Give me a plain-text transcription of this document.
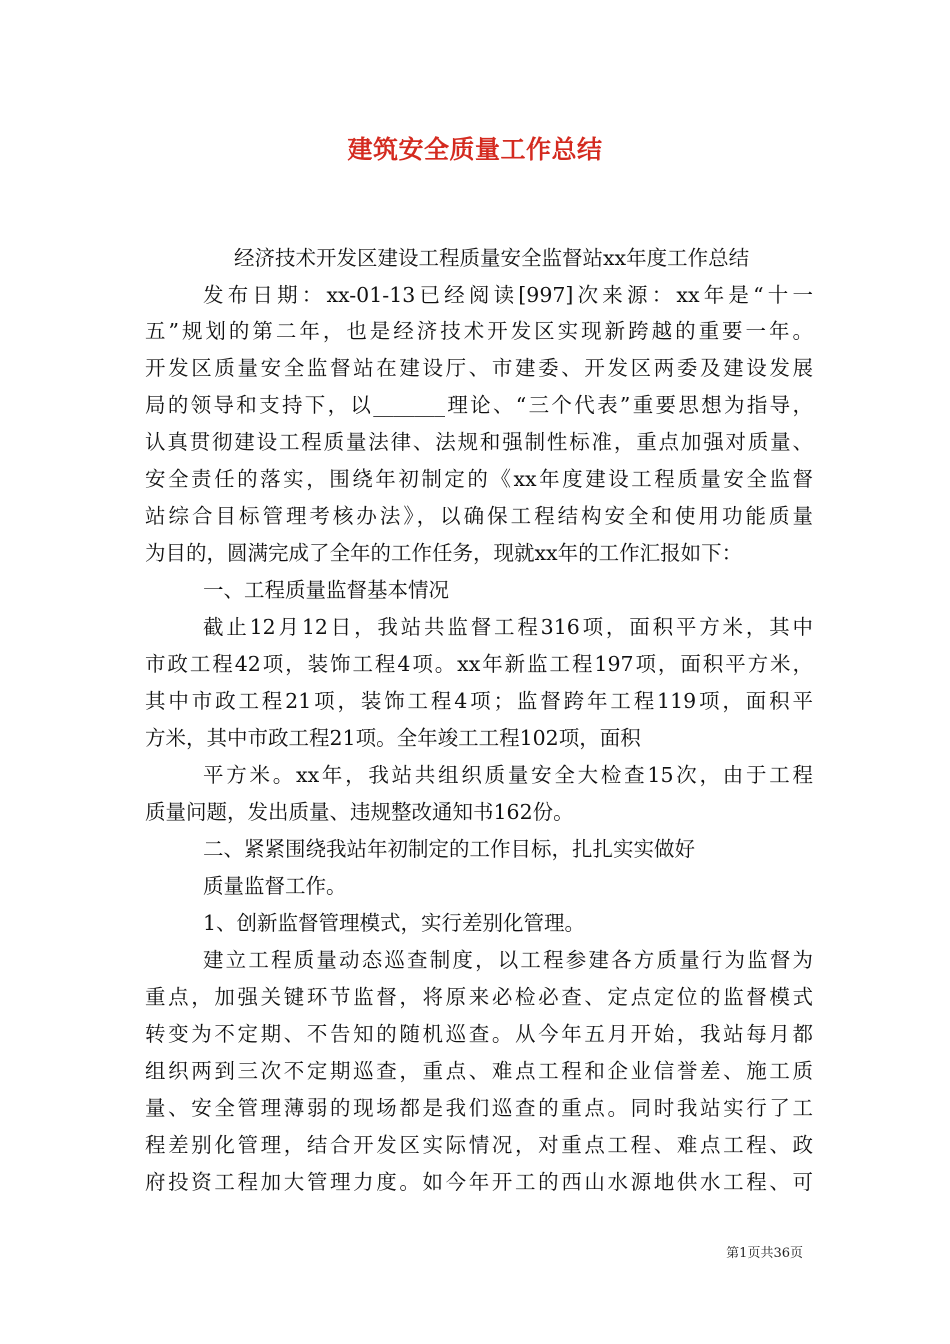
建筑安全质量工作总结

经济技术开发区建设工程质量安全监督站xx年度工作总结

发布日期：xx-01-13已经阅读[997]次来源：xx年是“十一

五”规划的第二年，也是经济技术开发区实现新跨越的重要一年。

开发区质量安全监督站在建设厅、市建委、开发区两委及建设发展

局的领导和支持下，以_______理论、“三个代表”重要思想为指导，

认真贯彻建设工程质量法律、法规和强制性标准，重点加强对质量、

安全责任的落实，围绕年初制定的《xx年度建设工程质量安全监督

站综合目标管理考核办法》，以确保工程结构安全和使用功能质量

为目的，圆满完成了全年的工作任务，现就xx年的工作汇报如下：

一、工程质量监督基本情况

截止12月12日，我站共监督工程316项，面积平方米，其中

市政工程42项，装饰工程4项。xx年新监工程197项，面积平方米，

其中市政工程21项，装饰工程4项；监督跨年工程119项，面积平

方米，其中市政工程21项。全年竣工工程102项，面积

平方米。xx年，我站共组织质量安全大检查15次，由于工程

质量问题，发出质量、违规整改通知书162份。

二、紧紧围绕我站年初制定的工作目标，扎扎实实做好

质量监督工作。

1、创新监督管理模式，实行差别化管理。

建立工程质量动态巡查制度，以工程参建各方质量行为监督为

重点，加强关键环节监督，将原来必检必查、定点定位的监督模式

转变为不定期、不告知的随机巡查。从今年五月开始，我站每月都

组织两到三次不定期巡查，重点、难点工程和企业信誉差、施工质

量、安全管理薄弱的现场都是我们巡查的重点。同时我站实行了工

程差别化管理，结合开发区实际情况，对重点工程、难点工程、政

府投资工程加大管理力度。如今年开工的西山水源地供水工程、可

第1页共36页
